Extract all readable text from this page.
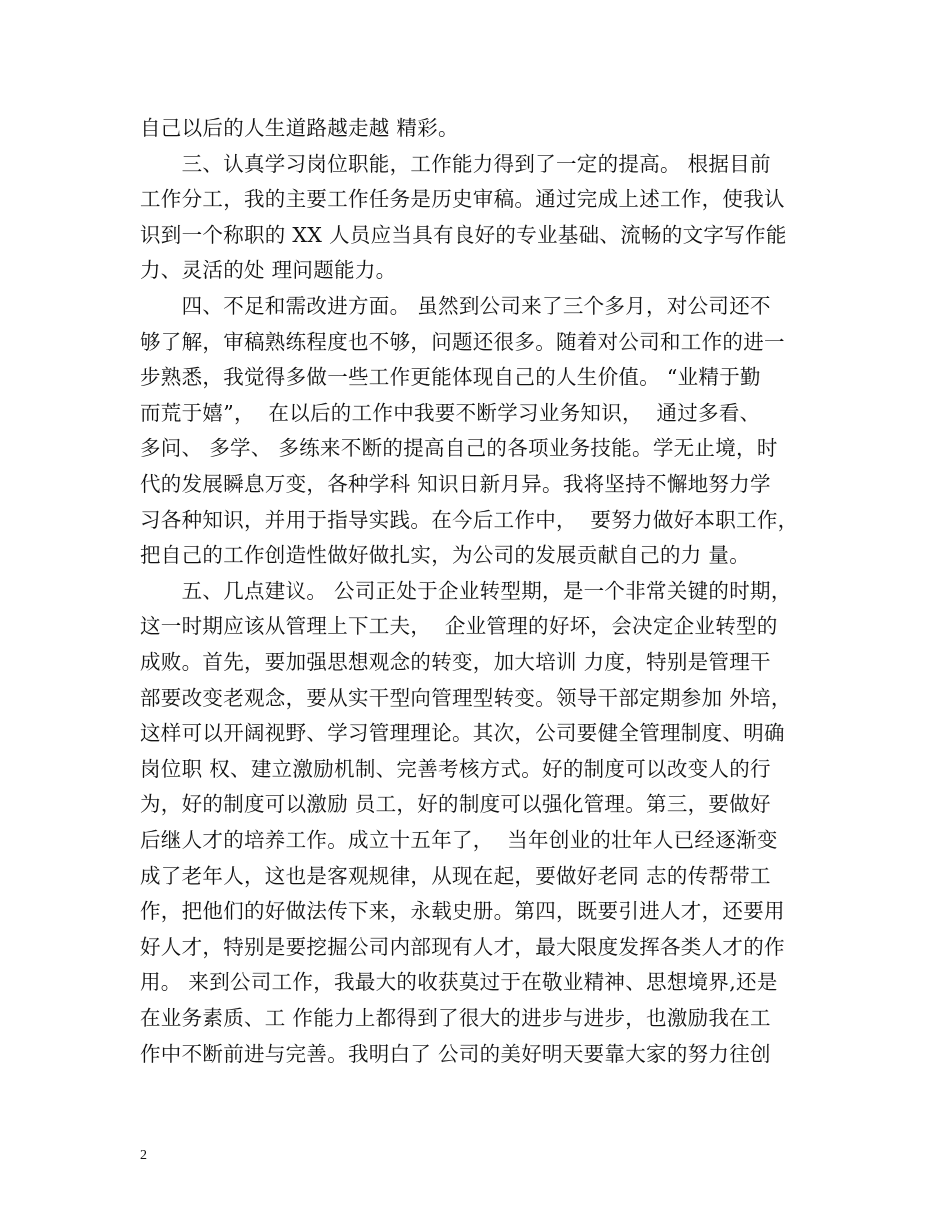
自己以后的人生道路越走越 精彩。
　　三、认真学习岗位职能，工作能力得到了一定的提高。 根据目前
工作分工，我的主要工作任务是历史审稿。通过完成上述工作，使我认
识到一个称职的 XX 人员应当具有良好的专业基础、流畅的文字写作能
力、灵活的处 理问题能力。
　　四、不足和需改进方面。 虽然到公司来了三个多月，对公司还不
够了解，审稿熟练程度也不够，问题还很多。随着对公司和工作的进一
步熟悉，我觉得多做一些工作更能体现自己的人生价值。 “业精于勤
而荒于嬉”，  在以后的工作中我要不断学习业务知识，  通过多看、
多问、 多学、 多练来不断的提高自己的各项业务技能。学无止境，时
代的发展瞬息万变，各种学科 知识日新月异。我将坚持不懈地努力学
习各种知识，并用于指导实践。在今后工作中，  要努力做好本职工作，
把自己的工作创造性做好做扎实，为公司的发展贡献自己的力 量。
　　五、几点建议。 公司正处于企业转型期，是一个非常关键的时期，
这一时期应该从管理上下工夫，  企业管理的好坏，会决定企业转型的
成败。首先，要加强思想观念的转变，加大培训 力度，特别是管理干
部要改变老观念，要从实干型向管理型转变。领导干部定期参加 外培，
这样可以开阔视野、学习管理理论。其次，公司要健全管理制度、明确
岗位职 权、建立激励机制、完善考核方式。好的制度可以改变人的行
为，好的制度可以激励 员工，好的制度可以强化管理。第三，要做好
后继人才的培养工作。成立十五年了，  当年创业的壮年人已经逐渐变
成了老年人，这也是客观规律，从现在起，要做好老同 志的传帮带工
作，把他们的好做法传下来，永载史册。第四，既要引进人才，还要用
好人才，特别是要挖掘公司内部现有人才，最大限度发挥各类人才的作
用。 来到公司工作，我最大的收获莫过于在敬业精神、思想境界,还是
在业务素质、工 作能力上都得到了很大的进步与进步，也激励我在工
作中不断前进与完善。我明白了 公司的美好明天要靠大家的努力往创
2
